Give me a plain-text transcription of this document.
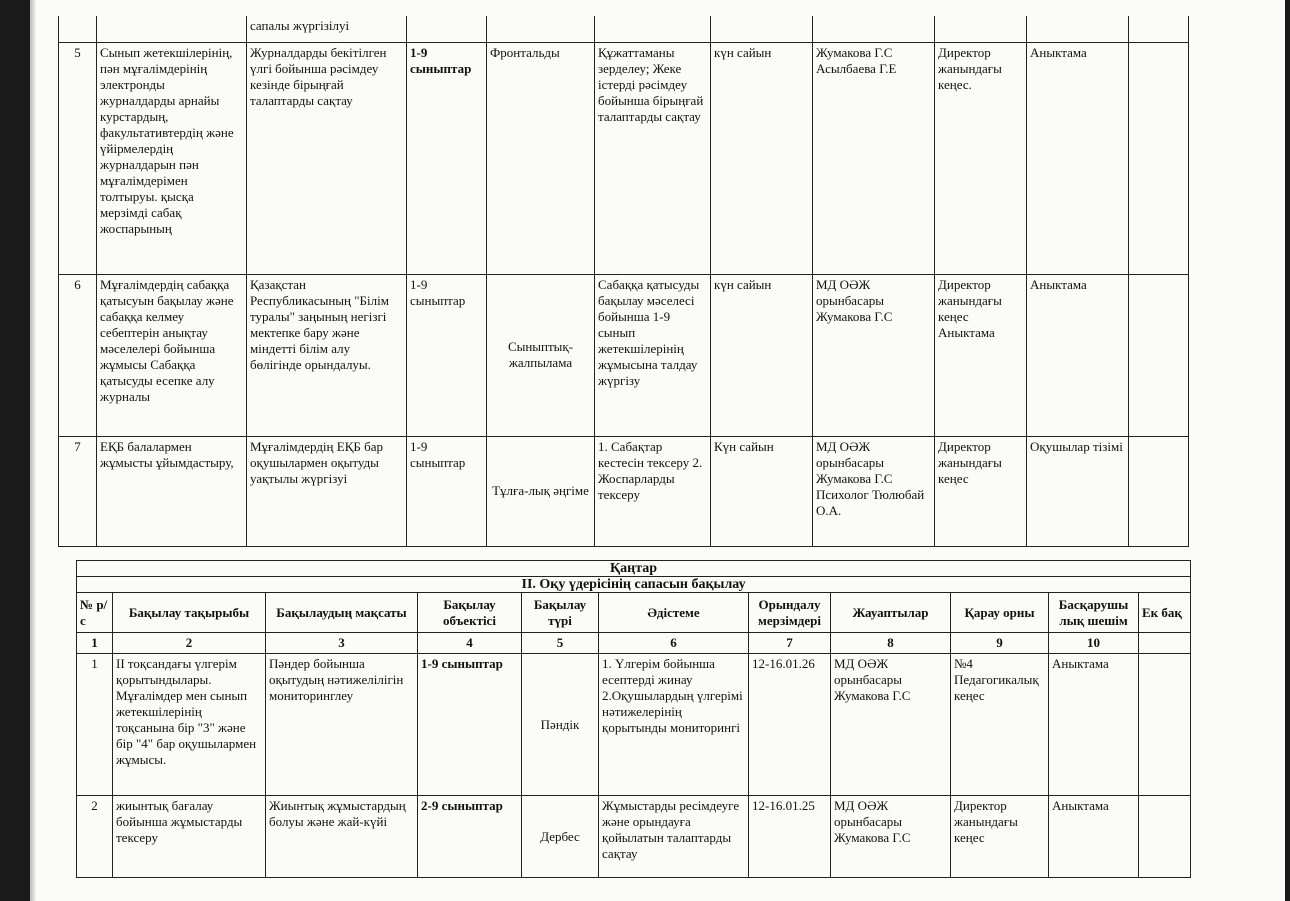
		сапалы жүргізілуі								
5	Сынып жетекшілерінің, пән мұғалімдерінің электронды журналдарды арнайы курстардың, факультативтердің және үйірмелердің журналдарын пән мұғалімдерімен толтыруы. қысқа мерзімді сабақ жоспарының	Журналдарды бекітілген үлгі бойынша рәсімдеу кезінде бірыңғай талаптарды сақтау	1-9 сыныптар	Фронтальды	Құжаттаманы зерделеу; Жеке істерді рәсімдеу бойынша бірыңғай талаптарды сақтау	күн сайын	Жумакова Г.С Асылбаева Г.Е	Директор жанындағы кеңес.	Аныктама	
6	Мұғалімдердің сабаққа қатысуын бақылау және сабаққа келмеу себептерін анықтау мәселелері бойынша жұмысы Сабаққа қатысуды есепке алу журналы	Қазақстан Республикасының "Білім туралы" заңының негізгі мектепке бару және міндетті білім алу бөлігінде орындалуы.	1-9 сыныптар	Сыныптық-жалпылама	Сабаққа қатысуды бақылау мәселесі бойынша 1-9 сынып жетекшілерінің жұмысына талдау жүргізу	күн сайын	МД ОӘЖ орынбасары Жумакова Г.С	Директор жанындағы кеңес Аныктама	Аныктама	
7	ЕҚБ балалармен жұмысты ұйымдастыру,	Мұғалімдердің ЕҚБ бар оқушылармен оқытуды уақтылы жүргізуі	1-9 сыныптар	Тұлға-лық әңгіме	1. Сабақтар кестесін тексеру 2. Жоспарларды тексеру	Күн сайын	МД ОӘЖ орынбасары Жумакова Г.С Психолог Тюлюбай О.А.	Директор жанындағы кеңес	Оқушылар тізімі	
Қаңтар										
II. Оқу үдерісінің сапасын бақылау										
№ р/с	Бақылау тақырыбы	Бақылаудың мақсаты	Бақылау объектісі	Бақылау түрі	Әдістеме	Орындалу мерзімдері	Жауаптылар	Қарау орны	Басқарушы лық шешім	Ек бақ
1	2	3	4	5	6	7	8	9	10	
1	ІІ тоқсандағы үлгерім қорытындылары. Мұғалімдер мен сынып жетекшілерінің тоқсанына бір "3" және бір "4" бар оқушылармен жұмысы.	Пәндер бойынша оқытудың нәтижелілігін мониторинглеу	1-9 сыныптар	Пәндік	1. Үлгерім бойынша есептерді жинау 2.Оқушылардың үлгерімі нәтижелерінің қорытынды мониторингі	12-16.01.26	МД ОӘЖ орынбасары Жумакова Г.С	№4 Педагогикалық кеңес	Аныктама	
2	жиынтық бағалау бойынша жұмыстарды тексеру	Жиынтық жұмыстардың болуы және жай-күйі	2-9 сыныптар	Дербес	Жұмыстарды ресімдеуге және орындауға қойылатын талаптарды сақтау	12-16.01.25	МД ОӘЖ орынбасары Жумакова Г.С	Директор жанындағы кеңес	Аныктама	
